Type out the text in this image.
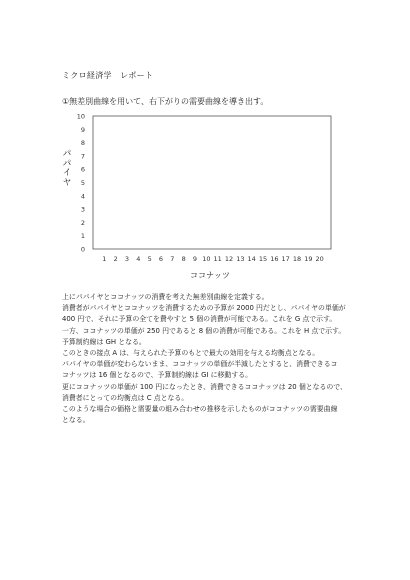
ミクロ経済学　レポート
①無差別曲線を用いて、右下がりの需要曲線を導き出す。
0
1
2
3
4
5
6
7
8
9
10
1 2 3 4 5 6 7 8 9 10 11 12 13 14 15 16 17 18 19 20
パ
パ
イ
ヤ
ココナッツ

上にパパイヤとココナッツの消費を考えた無差別曲線を定義する。

消費者がパパイヤとココナッツを消費するための予算が 2000 円だとし、パパイヤの単価が

400 円で、それに予算の全てを費やすと 5 個の消費が可能である。これを G 点で示す。

一方、ココナッツの単価が 250 円であると 8 個の消費が可能である。これを H 点で示す。

予算制約線は GH となる。

このときの接点 A は、与えられた予算のもとで最大の効用を与える均衡点となる。

パパイヤの単価が変わらないまま、ココナッツの単価が半減したとすると、消費できるコ

コナッツは 16 個となるので、予算制約線は GI に移動する。

更にココナッツの単価が 100 円になったとき、消費できるココナッツは 20 個となるので、

消費者にとっての均衡点は C 点となる。

このような場合の価格と需要量の組み合わせの推移を示したものがココナッツの需要曲線

となる。
